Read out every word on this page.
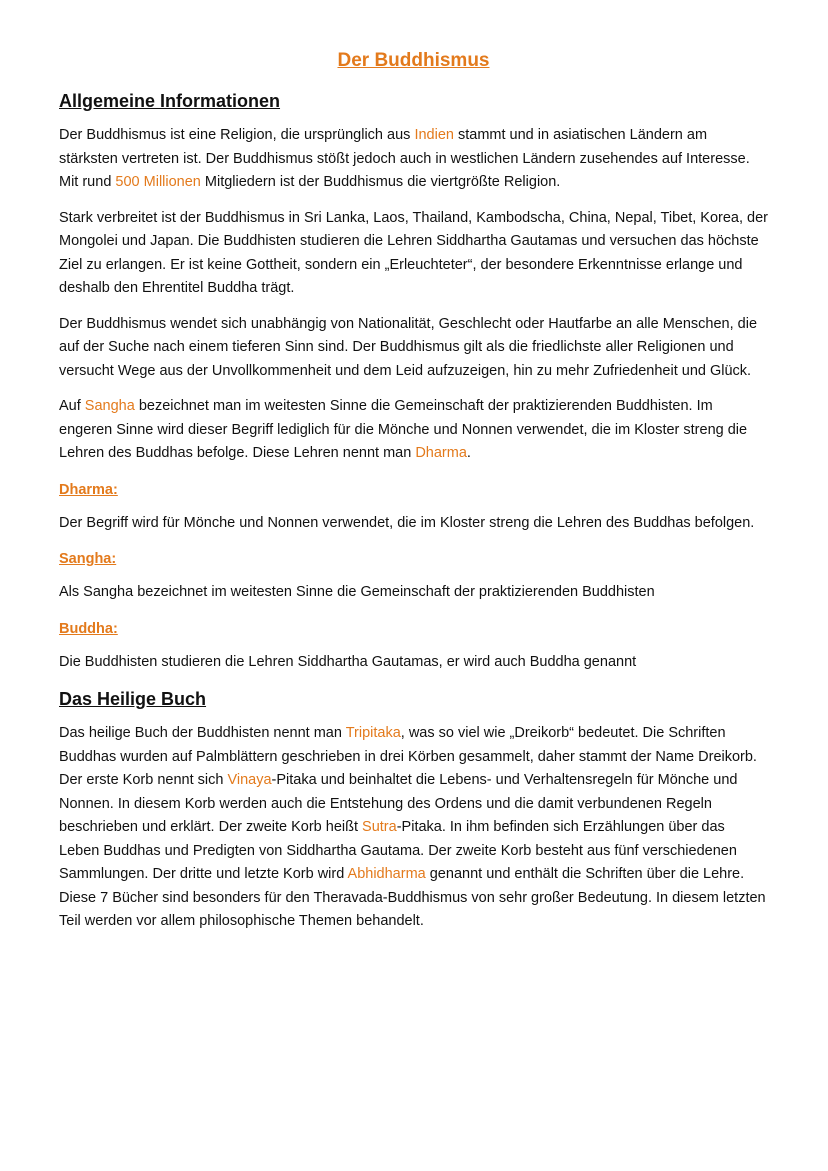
Der Buddhismus
Allgemeine Informationen

Der Buddhismus ist eine Religion, die ursprünglich aus Indien stammt und in asiatischen Ländern am stärksten vertreten ist. Der Buddhismus stößt jedoch auch in westlichen Ländern zusehendes auf Interesse. Mit rund 500 Millionen Mitgliedern ist der Buddhismus die viertgrößte Religion.

Stark verbreitet ist der Buddhismus in Sri Lanka, Laos, Thailand, Kambodscha, China, Nepal, Tibet, Korea, der Mongolei und Japan. Die Buddhisten studieren die Lehren Siddhartha Gautamas und versuchen das höchste Ziel zu erlangen. Er ist keine Gottheit, sondern ein „Erleuchteter“, der besondere Erkenntnisse erlange und deshalb den Ehrentitel Buddha trägt.

Der Buddhismus wendet sich unabhängig von Nationalität, Geschlecht oder Hautfarbe an alle Menschen, die auf der Suche nach einem tieferen Sinn sind. Der Buddhismus gilt als die friedlichste aller Religionen und versucht Wege aus der Unvollkommenheit und dem Leid aufzuzeigen, hin zu mehr Zufriedenheit und Glück.

Auf Sangha bezeichnet man im weitesten Sinne die Gemeinschaft der praktizierenden Buddhisten. Im engeren Sinne wird dieser Begriff lediglich für die Mönche und Nonnen verwendet, die im Kloster streng die Lehren des Buddhas befolge. Diese Lehren nennt man Dharma.

Dharma:

Der Begriff wird für Mönche und Nonnen verwendet, die im Kloster streng die Lehren des Buddhas befolgen.

Sangha:

Als Sangha bezeichnet im weitesten Sinne die Gemeinschaft der praktizierenden Buddhisten

Buddha:

Die Buddhisten studieren die Lehren Siddhartha Gautamas, er wird auch Buddha genannt

Das Heilige Buch

Das heilige Buch der Buddhisten nennt man Tripitaka, was so viel wie „Dreikorb“ bedeutet. Die Schriften Buddhas wurden auf Palmblättern geschrieben in drei Körben gesammelt, daher stammt der Name Dreikorb. Der erste Korb nennt sich Vinaya-Pitaka und beinhaltet die Lebens- und Verhaltensregeln für Mönche und Nonnen. In diesem Korb werden auch die Entstehung des Ordens und die damit verbundenen Regeln beschrieben und erklärt. Der zweite Korb heißt Sutra-Pitaka. In ihm befinden sich Erzählungen über das Leben Buddhas und Predigten von Siddhartha Gautama. Der zweite Korb besteht aus fünf verschiedenen Sammlungen. Der dritte und letzte Korb wird Abhidharma genannt und enthält die Schriften über die Lehre. Diese 7 Bücher sind besonders für den Theravada-Buddhismus von sehr großer Bedeutung. In diesem letzten Teil werden vor allem philosophische Themen behandelt.
